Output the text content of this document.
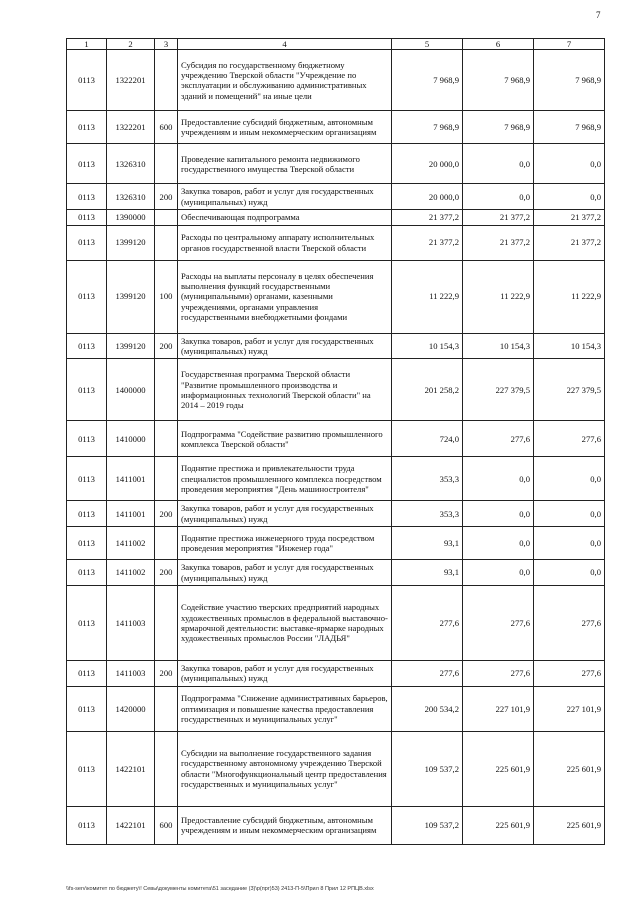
7
1	2	3	4	5	6	7
0113	1322201		Субсидия по государственному бюджетному учреждению Тверской области "Учреждение по эксплуатации и обслуживанию административных зданий и помещений" на иные цели	7 968,9	7 968,9	7 968,9
0113	1322201	600	Предоставление субсидий бюджетным, автономным учреждениям и иным некоммерческим организациям	7 968,9	7 968,9	7 968,9
0113	1326310		Проведение капитального ремонта недвижимого государственного имущества Тверской области	20 000,0	0,0	0,0
0113	1326310	200	Закупка товаров, работ и услуг для государственных (муниципальных) нужд	20 000,0	0,0	0,0
0113	1390000		Обеспечивающая подпрограмма	21 377,2	21 377,2	21 377,2
0113	1399120		Расходы по центральному аппарату исполнительных органов государственной власти Тверской области	21 377,2	21 377,2	21 377,2
0113	1399120	100	Расходы на выплаты персоналу в целях обеспечения выполнения функций государственными (муниципальными) органами, казенными учреждениями, органами управления государственными внебюджетными фондами	11 222,9	11 222,9	11 222,9
0113	1399120	200	Закупка товаров, работ и услуг для государственных (муниципальных) нужд	10 154,3	10 154,3	10 154,3
0113	1400000		Государственная программа Тверской области "Развитие промышленного производства и информационных технологий Тверской области" на 2014 – 2019 годы	201 258,2	227 379,5	227 379,5
0113	1410000		Подпрограмма "Содействие развитию промышленного комплекса Тверской области"	724,0	277,6	277,6
0113	1411001		Поднятие престижа и привлекательности труда специалистов промышленного комплекса посредством проведения мероприятия "День машиностроителя"	353,3	0,0	0,0
0113	1411001	200	Закупка товаров, работ и услуг для государственных (муниципальных) нужд	353,3	0,0	0,0
0113	1411002		Поднятие престижа инженерного труда посредством проведения мероприятия "Инженер года"	93,1	0,0	0,0
0113	1411002	200	Закупка товаров, работ и услуг для государственных (муниципальных) нужд	93,1	0,0	0,0
0113	1411003		Содействие участию тверских предприятий народных художественных промыслов в федеральной выставочно-ярмарочной деятельности: выставке-ярмарке народных художественных промыслов России "ЛАДЬЯ"	277,6	277,6	277,6
0113	1411003	200	Закупка товаров, работ и услуг для государственных (муниципальных) нужд	277,6	277,6	277,6
0113	1420000		Подпрограмма "Снижение административных барьеров, оптимизация и повышение качества предоставления государственных и муниципальных услуг"	200 534,2	227 101,9	227 101,9
0113	1422101		Субсидии на выполнение государственного задания государственному автономному учреждению Тверской области "Многофункциональный центр предоставления государственных и муниципальных услуг"	109 537,2	225 601,9	225 601,9
0113	1422101	600	Предоставление субсидий бюджетным, автономным учреждениям и иным некоммерческим организациям	109 537,2	225 601,9	225 601,9
\\fs-serv\комитет по бюджету\! Севы\документы комитета\51 заседание (3)\р(прг)53) 2413-П-5\Прил 8 Прил 12 РПЦВ.xlsx
